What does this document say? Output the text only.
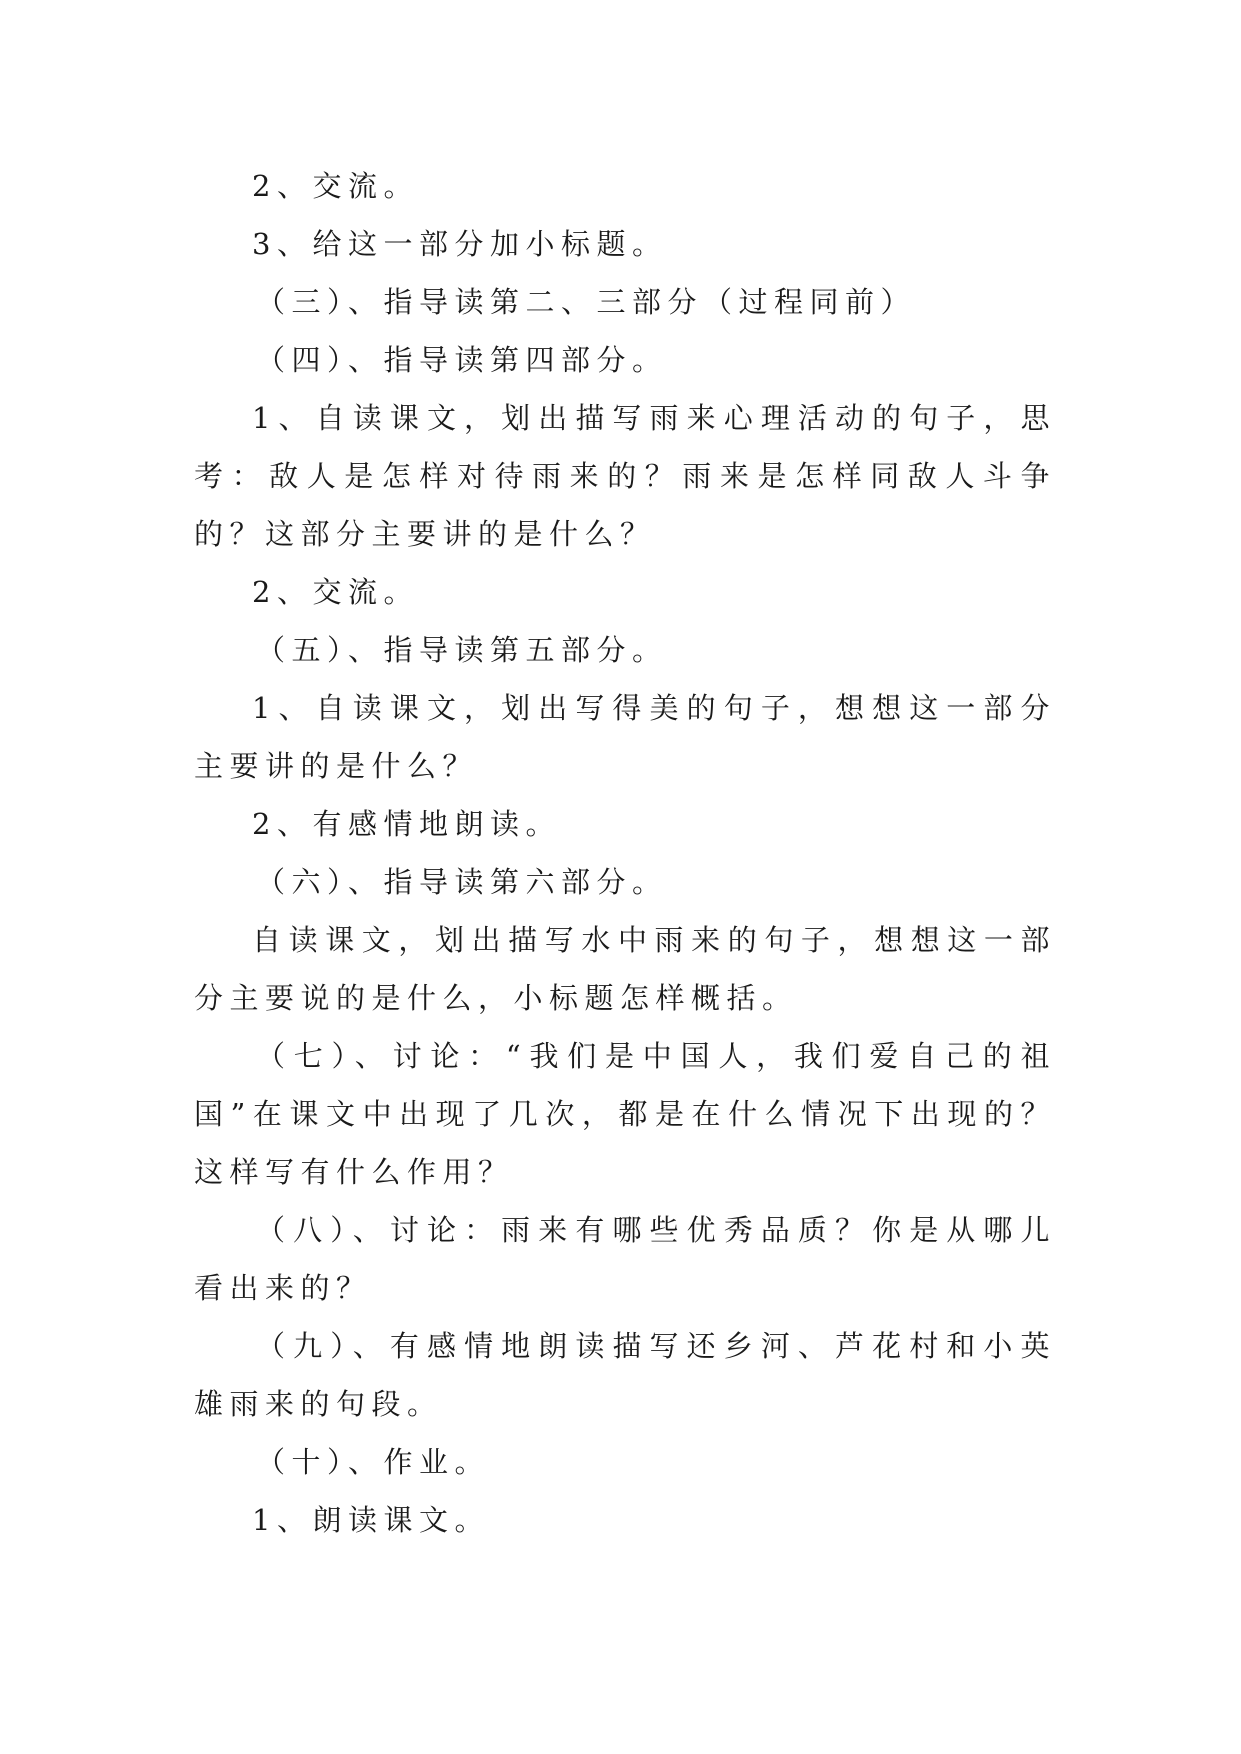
2、交流。

3、给这一部分加小标题。

（三）、指导读第二、三部分（过程同前）

（四）、指导读第四部分。

1、自读课文，划出描写雨来心理活动的句子，思考：敌人是怎样对待雨来的？雨来是怎样同敌人斗争的？这部分主要讲的是什么？

2、交流。

（五）、指导读第五部分。

1、自读课文，划出写得美的句子，想想这一部分主要讲的是什么？

2、有感情地朗读。

（六）、指导读第六部分。

自读课文，划出描写水中雨来的句子，想想这一部分主要说的是什么，小标题怎样概括。

（七）、讨论：“我们是中国人，我们爱自己的祖国”在课文中出现了几次，都是在什么情况下出现的？这样写有什么作用？

（八）、讨论：雨来有哪些优秀品质？你是从哪儿看出来的？

（九）、有感情地朗读描写还乡河、芦花村和小英雄雨来的句段。

（十）、作业。

1、朗读课文。
